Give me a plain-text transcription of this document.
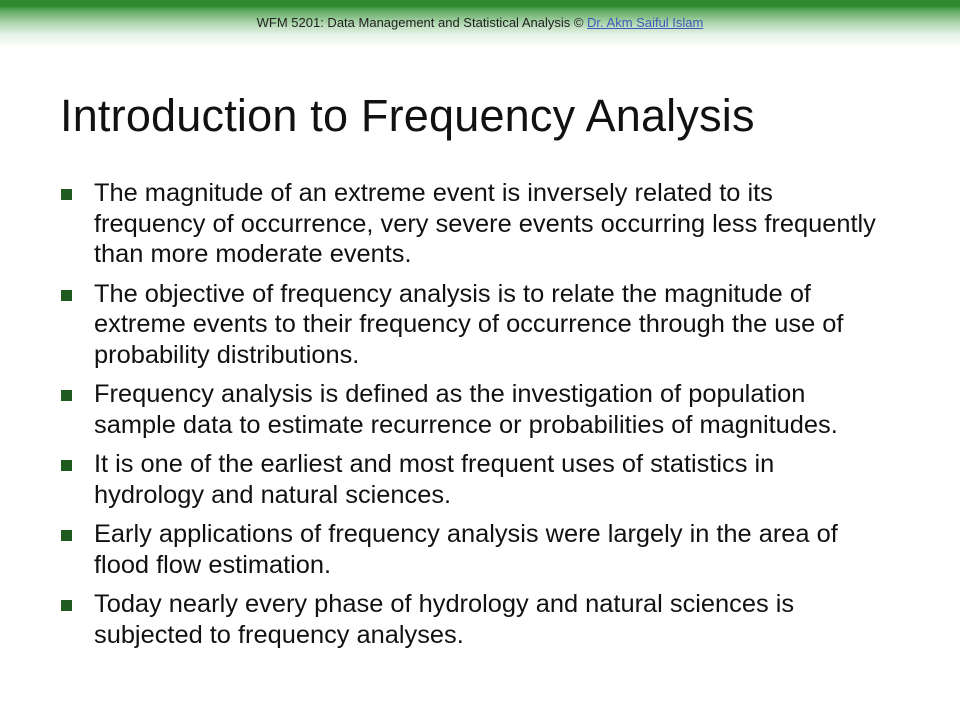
WFM 5201: Data Management and Statistical Analysis © Dr. Akm Saiful Islam
Introduction to Frequency Analysis
The magnitude of an extreme event is inversely related to its frequency of occurrence, very severe events occurring less frequently than more moderate events.
The objective of frequency analysis is to relate the magnitude of extreme events to their frequency of occurrence through the use of probability distributions.
Frequency analysis is defined as the investigation of population sample data to estimate recurrence or probabilities of magnitudes.
It is one of the earliest and most frequent uses of statistics in hydrology and natural sciences.
Early applications of frequency analysis were largely in the area of flood flow estimation.
Today nearly every phase of hydrology and natural sciences is subjected to frequency analyses.
